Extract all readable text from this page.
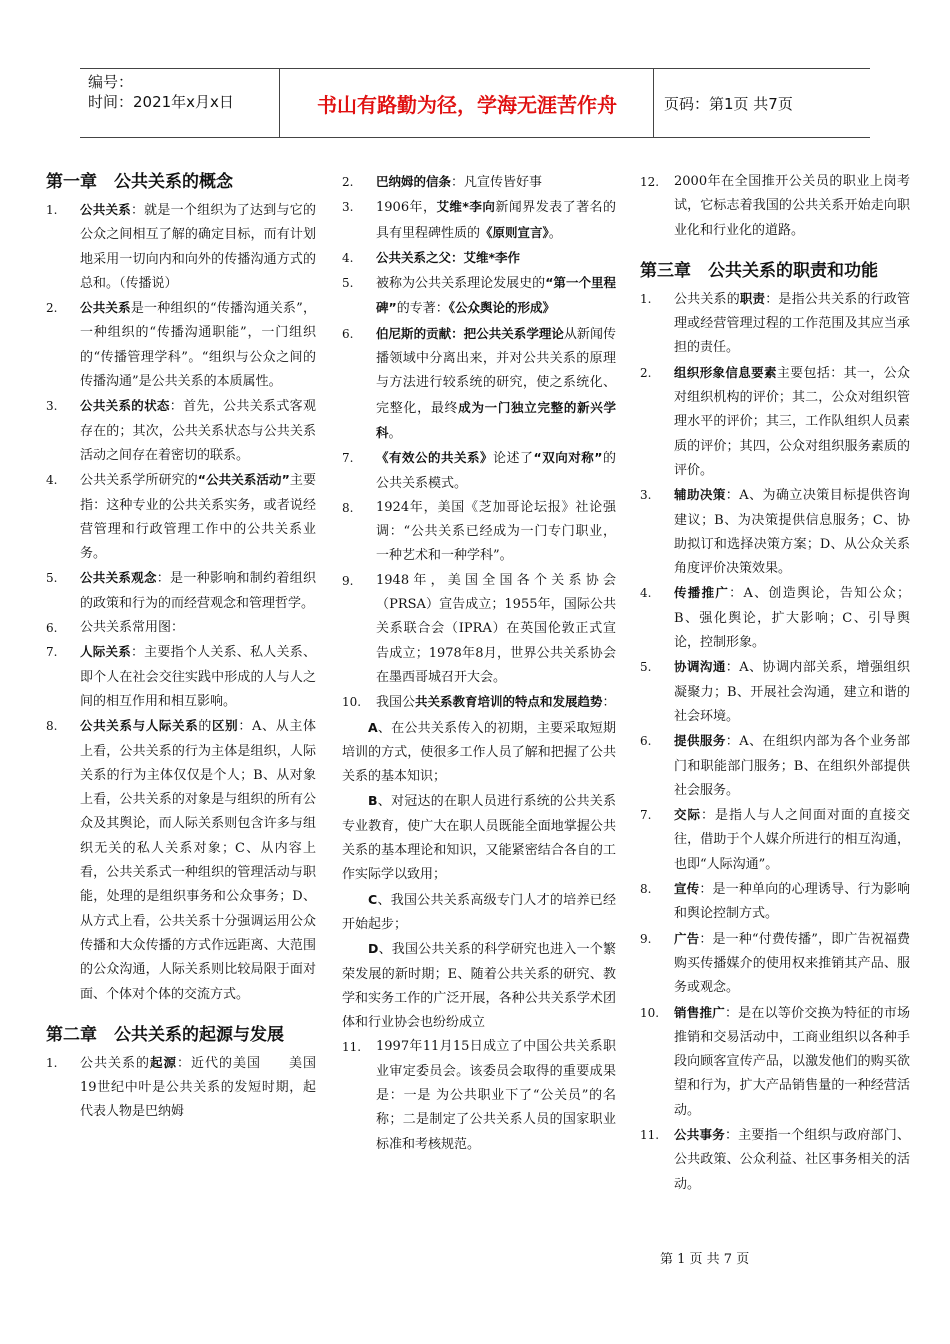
编号：
时间：2021年x月x日	书山有路勤为径，学海无涯苦作舟	页码：第1页 共7页
第一章　公共关系的概念
1.	公共关系：就是一个组织为了达到与它的公众之间相互了解的确定目标，而有计划地采用一切向内和向外的传播沟通方式的总和。（传播说）
2.	公共关系是一种组织的“传播沟通关系”，一种组织的“传播沟通职能”，一门组织的“传播管理学科”。“组织与公众之间的传播沟通”是公共关系的本质属性。
3.	公共关系的状态：首先，公共关系式客观存在的；其次，公共关系状态与公共关系活动之间存在着密切的联系。
4.	公共关系学所研究的“公共关系活动”主要指：这种专业的公共关系实务，或者说经营管理和行政管理工作中的公共关系业务。
5.	公共关系观念：是一种影响和制约着组织的政策和行为的而经营观念和管理哲学。
6.	公共关系常用图：
7.	人际关系：主要指个人关系、私人关系、即个人在社会交往实践中形成的人与人之间的相互作用和相互影响。
8.	公共关系与人际关系的区别：A、从主体上看，公共关系的行为主体是组织，人际关系的行为主体仅仅是个人；B、从对象上看，公共关系的对象是与组织的所有公众及其舆论，而人际关系则包含许多与组织无关的私人关系对象；C、从内容上看，公共关系式一种组织的管理活动与职能，处理的是组织事务和公众事务；D、从方式上看，公共关系十分强调运用公众传播和大众传播的方式作远距离、大范围的公众沟通，人际关系则比较局限于面对面、个体对个体的交流方式。
第二章　公共关系的起源与发展
1.	公共关系的起源：近代的美国　　美国19世纪中叶是公共关系的发短时期，起代表人物是巴纳姆
2.	巴纳姆的信条：凡宣传皆好事
3.	1906年，艾维*李向新闻界发表了著名的具有里程碑性质的《原则宣言》。
4.	公共关系之父：艾维*李作
5.	被称为公共关系理论发展史的“第一个里程碑”的专著：《公众舆论的形成》
6.	伯尼斯的贡献：把公共关系学理论从新闻传播领域中分离出来，并对公共关系的原理与方法进行较系统的研究，使之系统化、完整化，最终成为一门独立完整的新兴学科。
7.	《有效公的共关系》论述了“双向对称”的公共关系模式。
8.	1924年，美国《芝加哥论坛报》社论强调：“公共关系已经成为一门专门职业，一种艺术和一种学科”。
9.	1948年，美国全国各个关系协会（PRSA）宣告成立；1955年，国际公共关系联合会（IPRA）在英国伦敦正式宣告成立；1978年8月，世界公共关系协会在墨西哥城召开大会。
10.	我国公共关系教育培训的特点和发展趋势：
A、在公共关系传入的初期，主要采取短期培训的方式，使很多工作人员了解和把握了公共关系的基本知识；
B、对冠达的在职人员进行系统的公共关系专业教育，使广大在职人员既能全面地掌握公共关系的基本理论和知识，又能紧密结合各自的工作实际学以致用；
C、我国公共关系高级专门人才的培养已经开始起步；
D、我国公共关系的科学研究也进入一个繁荣发展的新时期；E、随着公共关系的研究、教学和实务工作的广泛开展，各种公共关系学术团体和行业协会也纷纷成立
11.	1997年11月15日成立了中国公共关系职业审定委员会。该委员会取得的重要成果是：一是 为公共职业下了“公关员”的名称；二是制定了公共关系人员的国家职业标准和考核规范。
12.	2000年在全国推开公关员的职业上岗考试，它标志着我国的公共关系开始走向职业化和行业化的道路。
第三章　公共关系的职责和功能
1.	公共关系的职责：是指公共关系的行政管理或经营管理过程的工作范围及其应当承担的责任。
2.	组织形象信息要素主要包括：其一，公众对组织机构的评价；其二，公众对组织管理水平的评价；其三，工作队组织人员素质的评价；其四，公众对组织服务素质的评价。
3.	辅助决策：A、为确立决策目标提供咨询建议；B、为决策提供信息服务；C、协助拟订和选择决策方案；D、从公众关系角度评价决策效果。
4.	传播推广：A、创造舆论，告知公众；B、强化舆论，扩大影响；C、引导舆论，控制形象。
5.	协调沟通：A、协调内部关系，增强组织凝聚力；B、开展社会沟通，建立和谐的社会环境。
6.	提供服务：A、在组织内部为各个业务部门和职能部门服务；B、在组织外部提供社会服务。
7.	交际：是指人与人之间面对面的直接交往，借助于个人媒介所进行的相互沟通，也即“人际沟通”。
8.	宣传：是一种单向的心理诱导、行为影响和舆论控制方式。
9.	广告：是一种“付费传播”，即广告祝福费购买传播媒介的使用权来推销其产品、服务或观念。
10.	销售推广：是在以等价交换为特征的市场推销和交易活动中，工商业组织以各种手段向顾客宣传产品，以激发他们的购买欲望和行为，扩大产品销售量的一种经营活动。
11.	公共事务：主要指一个组织与政府部门、公共政策、公众利益、社区事务相关的活动。
第 1 页 共 7 页
